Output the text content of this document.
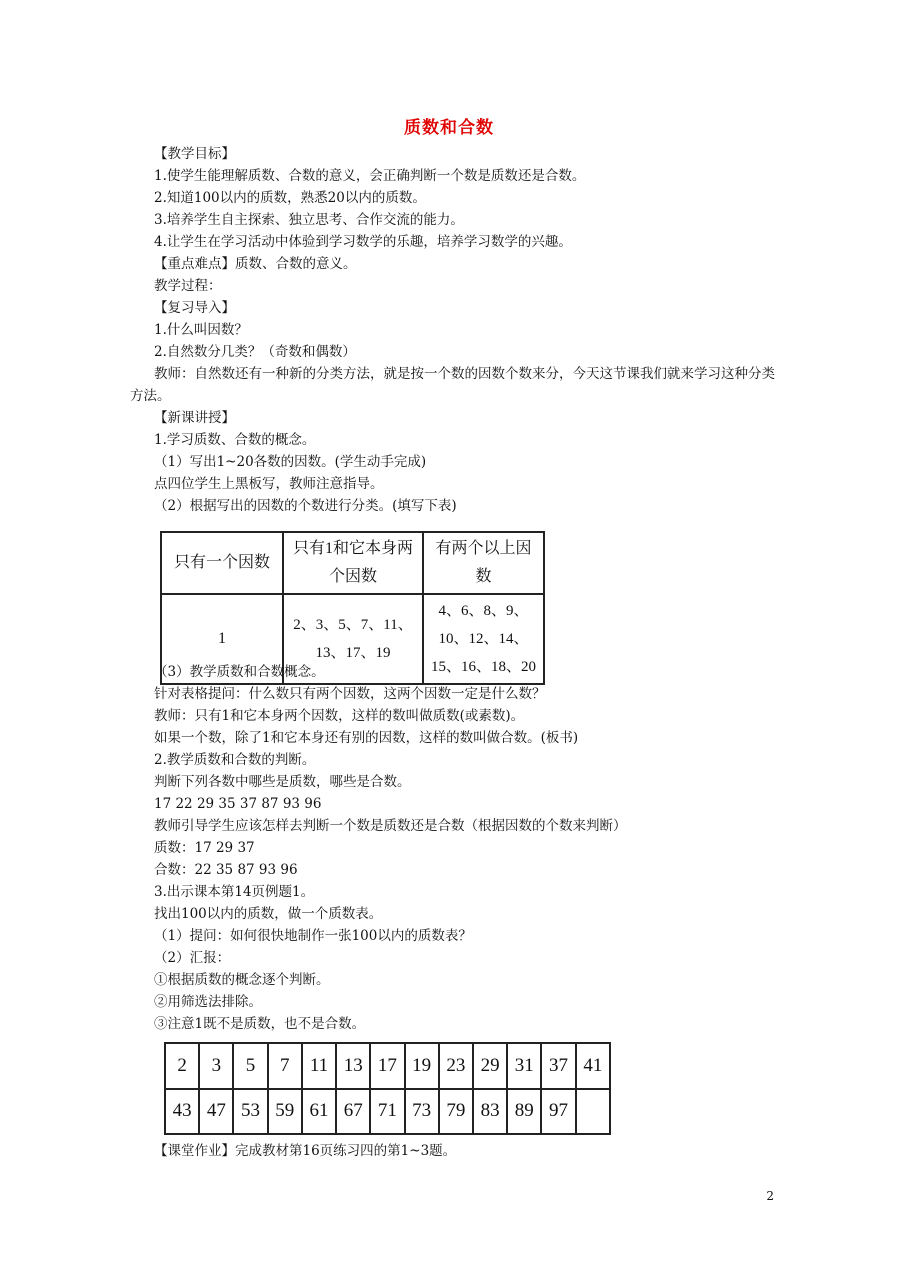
质数和合数
【教学目标】
1.使学生能理解质数、合数的意义，会正确判断一个数是质数还是合数。
2.知道100以内的质数，熟悉20以内的质数。
3.培养学生自主探索、独立思考、合作交流的能力。
4.让学生在学习活动中体验到学习数学的乐趣，培养学习数学的兴趣。
【重点难点】质数、合数的意义。
教学过程：
【复习导入】
1.什么叫因数？
2.自然数分几类？（奇数和偶数）
教师：自然数还有一种新的分类方法，就是按一个数的因数个数来分，今天这节课我们就来学习这种分类方法。
【新课讲授】
1.学习质数、合数的概念。
（1）写出1~20各数的因数。(学生动手完成)
点四位学生上黑板写，教师注意指导。
（2）根据写出的因数的个数进行分类。(填写下表)
只有一个因数	只有1和它本身两个因数	有两个以上因数
1	2、3、5、7、11、13、17、19	4、6、8、9、10、12、14、15、16、18、20
（3）教学质数和合数概念。
针对表格提问：什么数只有两个因数，这两个因数一定是什么数？
教师：只有1和它本身两个因数，这样的数叫做质数(或素数)。
如果一个数，除了1和它本身还有别的因数，这样的数叫做合数。(板书)
2.教学质数和合数的判断。
判断下列各数中哪些是质数，哪些是合数。
17 22 29 35 37 87 93 96
教师引导学生应该怎样去判断一个数是质数还是合数（根据因数的个数来判断）
质数：17 29 37
合数：22 35 87 93 96
3.出示课本第14页例题1。
找出100以内的质数，做一个质数表。
（1）提问：如何很快地制作一张100以内的质数表？
（2）汇报：
①根据质数的概念逐个判断。
②用筛选法排除。
③注意1既不是质数，也不是合数。
2	3	5	7	11	13	17	19	23	29	31	37	41
43	47	53	59	61	67	71	73	79	83	89	97	
【课堂作业】完成教材第16页练习四的第1~3题。
2
